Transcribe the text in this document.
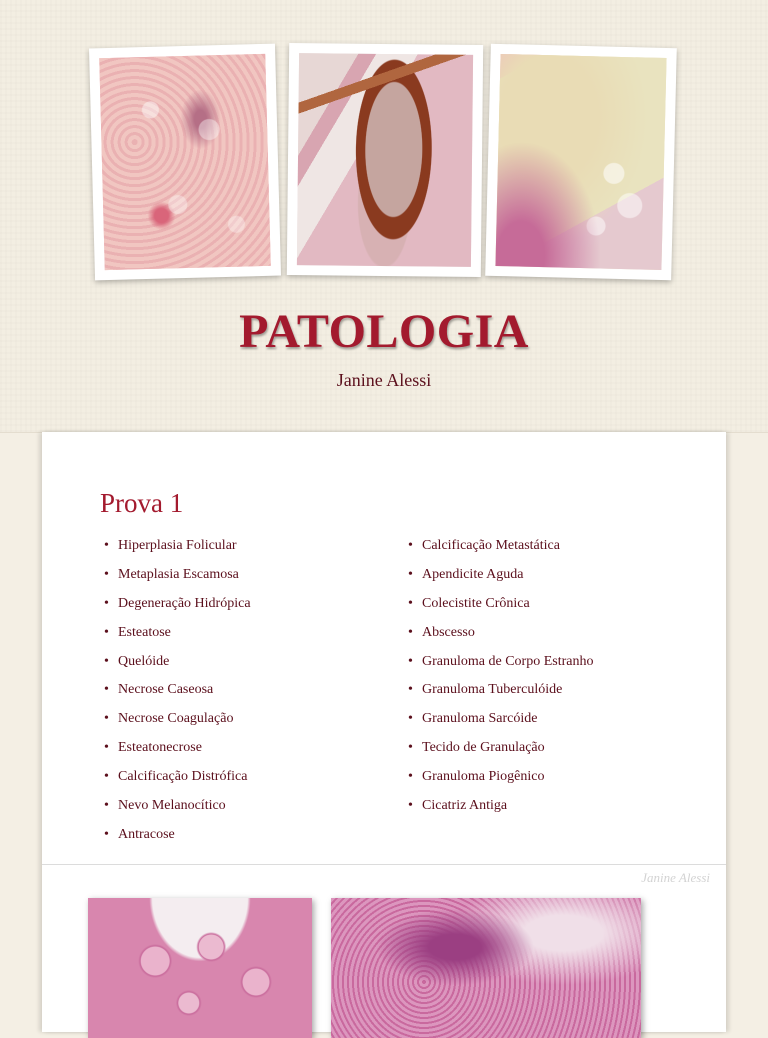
PATOLOGIA
Janine Alessi
Prova 1
• Hiperplasia Folicular
• Metaplasia Escamosa
• Degeneração Hidrópica
• Esteatose
• Quelóide
• Necrose Caseosa
• Necrose Coagulação
• Esteatonecrose
• Calcificação Distrófica
• Nevo Melanocítico
• Antracose
• Calcificação Metastática
• Apendicite Aguda
• Colecistite Crônica
• Abscesso
• Granuloma de Corpo Estranho
• Granuloma Tuberculóide
• Granuloma Sarcóide
• Tecido de Granulação
• Granuloma Piogênico
• Cicatriz Antiga
Janine Alessi
